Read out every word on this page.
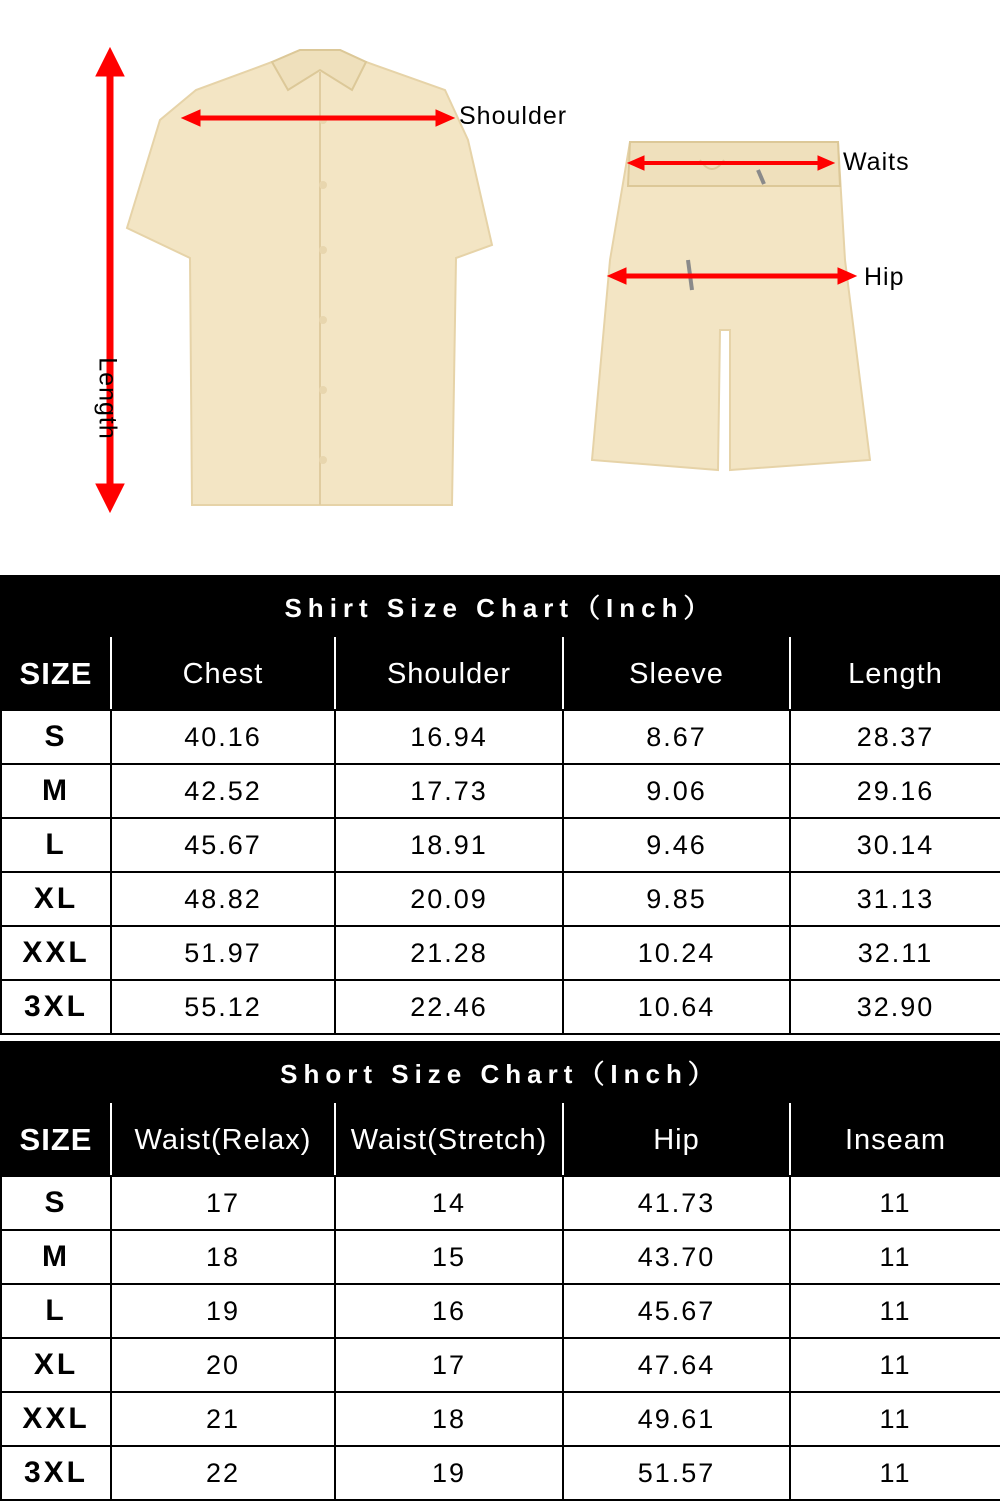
Shoulder
Length
Waits
Hip
Shirt Size Chart（Inch）
SIZE	Chest	Shoulder	Sleeve	Length
S	40.16	16.94	8.67	28.37
M	42.52	17.73	9.06	29.16
L	45.67	18.91	9.46	30.14
XL	48.82	20.09	9.85	31.13
XXL	51.97	21.28	10.24	32.11
3XL	55.12	22.46	10.64	32.90
Short Size Chart（Inch）
SIZE	Waist(Relax)	Waist(Stretch)	Hip	Inseam
S	17	14	41.73	11
M	18	15	43.70	11
L	19	16	45.67	11
XL	20	17	47.64	11
XXL	21	18	49.61	11
3XL	22	19	51.57	11
